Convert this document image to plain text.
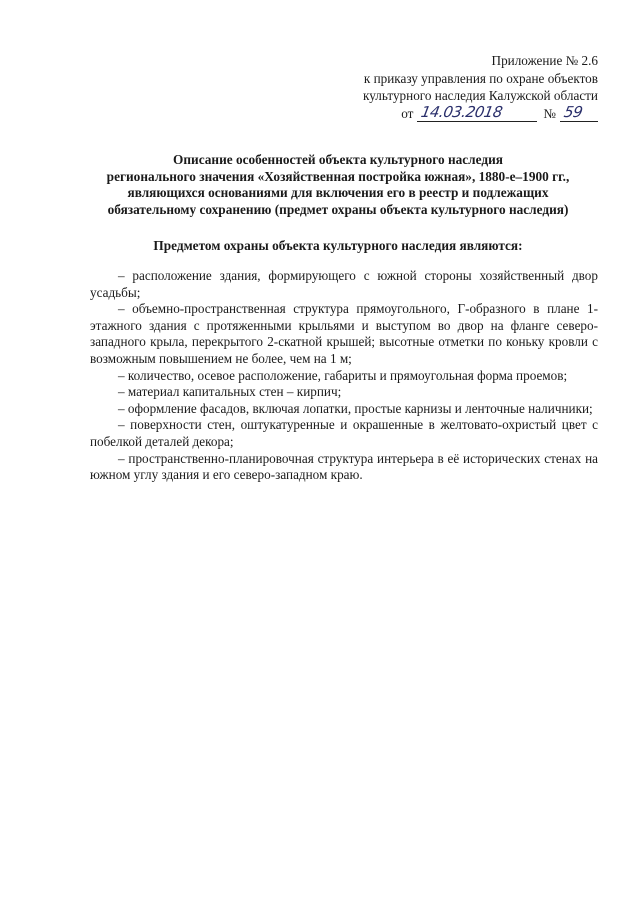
Приложение № 2.6
к приказу управления по охране объектов
культурного наследия Калужской области
от 14.03.2018	№ 59
Описание особенностей объекта культурного наследия
регионального значения «Хозяйственная постройка южная», 1880-е–1900 гг.,
являющихся основаниями для включения его в реестр и подлежащих
обязательному сохранению (предмет охраны объекта культурного наследия)
Предметом охраны объекта культурного наследия являются:

– расположение здания, формирующего с южной стороны хозяйственный двор усадьбы;

– объемно-пространственная структура прямоугольного, Г-образного в плане 1-этажного здания с протяженными крыльями и выступом во двор на фланге северо-западного крыла, перекрытого 2-скатной крышей; высотные отметки по коньку кровли с возможным повышением не более, чем на 1 м;

– количество, осевое расположение, габариты и прямоугольная форма проемов;

– материал капитальных стен – кирпич;

– оформление фасадов, включая лопатки, простые карнизы и ленточные наличники;

– поверхности стен, оштукатуренные и окрашенные в желтовато-охристый цвет с побелкой деталей декора;

– пространственно-планировочная структура интерьера в её исторических стенах на южном углу здания и его северо-западном краю.
